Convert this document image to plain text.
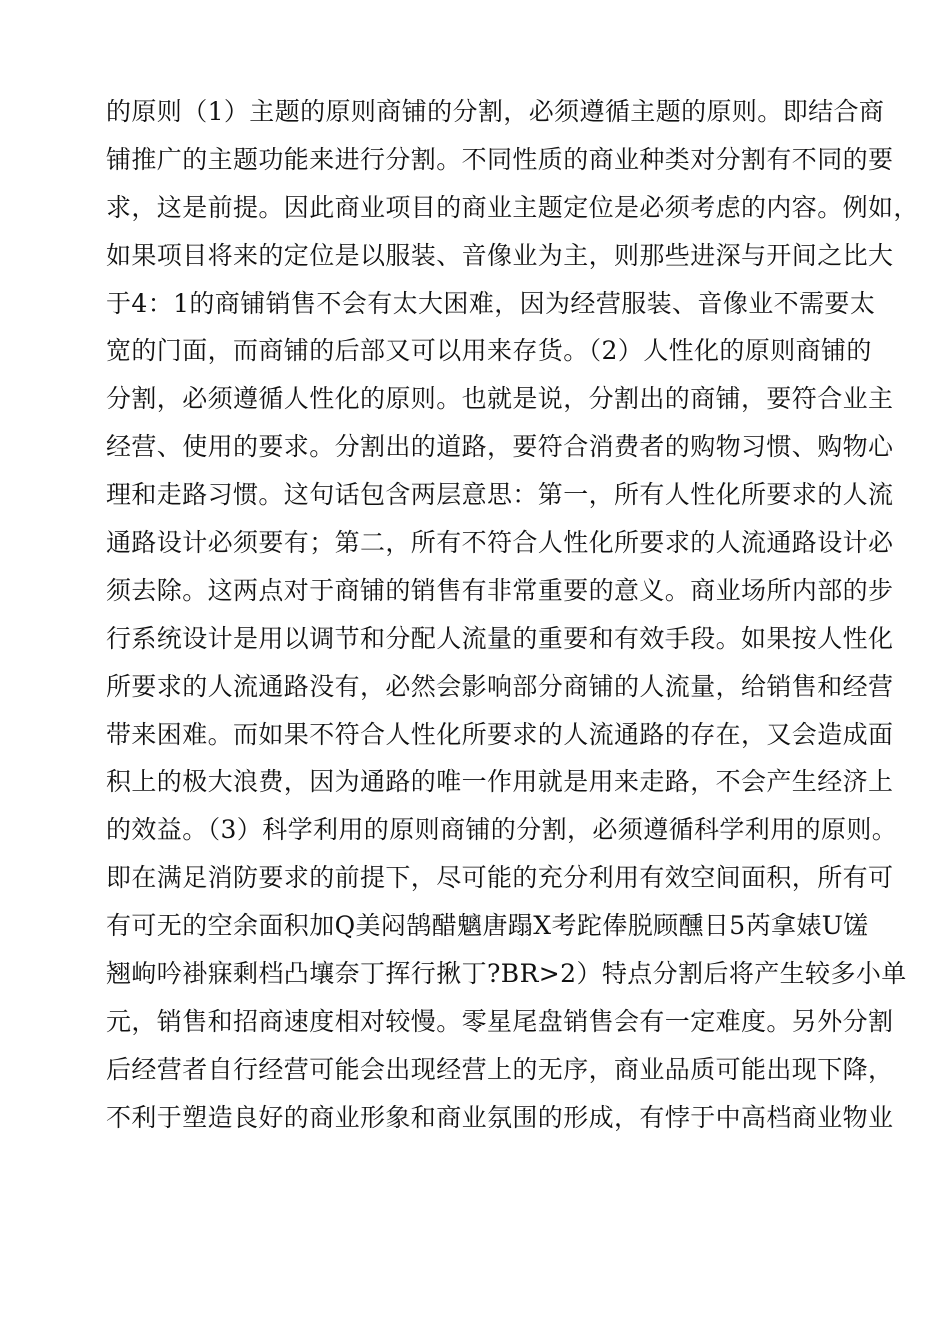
的原则（1）主题的原则商铺的分割，必须遵循主题的原则。即结合商
铺推广的主题功能来进行分割。不同性质的商业种类对分割有不同的要
求，这是前提。因此商业项目的商业主题定位是必须考虑的内容。例如，
如果项目将来的定位是以服装、音像业为主，则那些进深与开间之比大
于4：1的商铺销售不会有太大困难，因为经营服装、音像业不需要太
宽的门面，而商铺的后部又可以用来存货。（2）人性化的原则商铺的
分割，必须遵循人性化的原则。也就是说，分割出的商铺，要符合业主
经营、使用的要求。分割出的道路，要符合消费者的购物习惯、购物心
理和走路习惯。这句话包含两层意思：第一，所有人性化所要求的人流
通路设计必须要有；第二，所有不符合人性化所要求的人流通路设计必
须去除。这两点对于商铺的销售有非常重要的意义。商业场所内部的步
行系统设计是用以调节和分配人流量的重要和有效手段。如果按人性化
所要求的人流通路没有，必然会影响部分商铺的人流量，给销售和经营
带来困难。而如果不符合人性化所要求的人流通路的存在，又会造成面
积上的极大浪费，因为通路的唯一作用就是用来走路，不会产生经济上
的效益。（3）科学利用的原则商铺的分割，必须遵循科学利用的原则。
即在满足消防要求的前提下，尽可能的充分利用有效空间面积，所有可
有可无的空余面积加Q美闷鹄醋魑唐蹋X考跎俸脱顾醺日5芮拿婊U馐
翘岣吟褂寐剩档凸壤奈丁挥行揪丁?BR>2）特点分割后将产生较多小单
元，销售和招商速度相对较慢。零星尾盘销售会有一定难度。另外分割
后经营者自行经营可能会出现经营上的无序，商业品质可能出现下降，
不利于塑造良好的商业形象和商业氛围的形成，有悖于中高档商业物业
